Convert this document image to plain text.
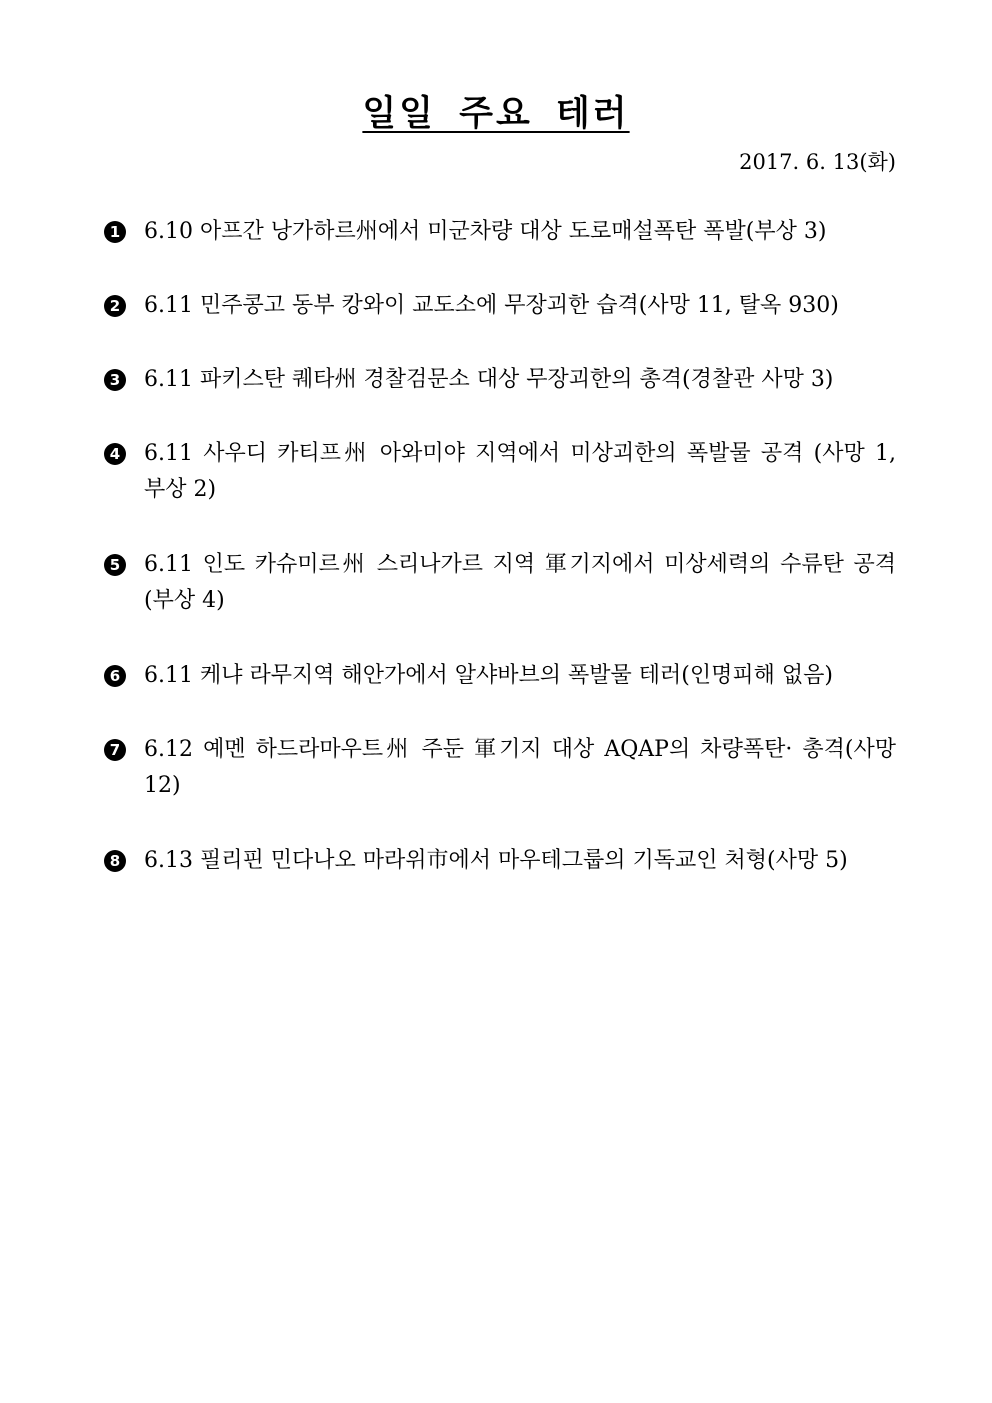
일일 주요 테러
2017. 6. 13(화)
1 6.10 아프간 낭가하르州에서 미군차량 대상 도로매설폭탄 폭발(부상 3)
2 6.11 민주콩고 동부 캉와이 교도소에 무장괴한 습격(사망 11, 탈옥 930)
3 6.11 파키스탄 퀘타州 경찰검문소 대상 무장괴한의 총격(경찰관 사망 3)
4 6.11 사우디 카티프州 아와미야 지역에서 미상괴한의 폭발물 공격 (사망 1, 부상 2)
5 6.11 인도 카슈미르州 스리나가르 지역 軍기지에서 미상세력의 수류탄 공격(부상 4)
6 6.11 케냐 라무지역 해안가에서 알샤바브의 폭발물 테러(인명피해 없음)
7 6.12 예멘 하드라마우트州 주둔 軍기지 대상 AQAP의 차량폭탄· 총격(사망 12)
8 6.13 필리핀 민다나오 마라위市에서 마우테그룹의 기독교인 처형(사망 5)
